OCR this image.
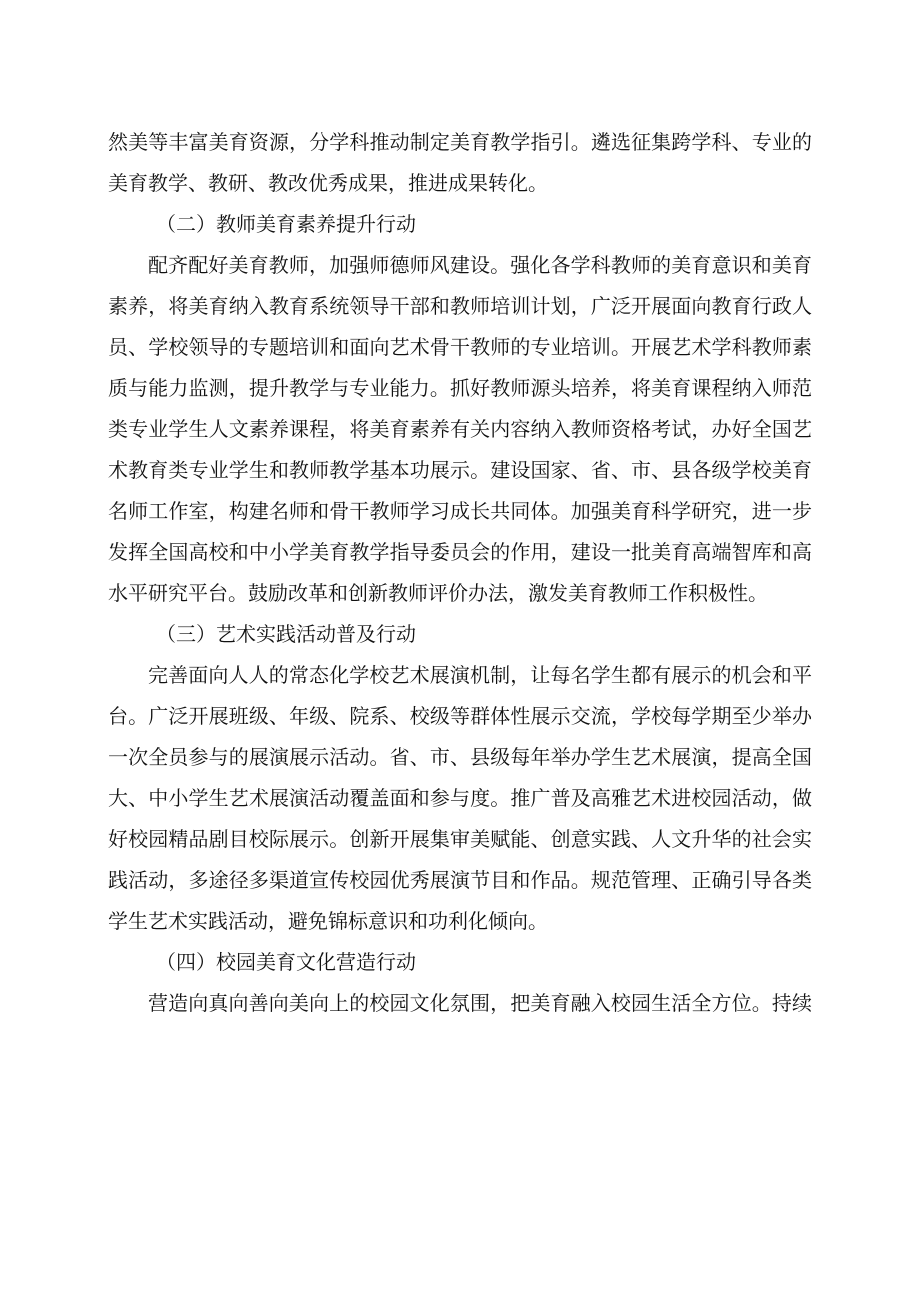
然美等丰富美育资源，分学科推动制定美育教学指引。遴选征集跨学科、专业的

美育教学、教研、教改优秀成果，推进成果转化。

（二）教师美育素养提升行动

配齐配好美育教师，加强师德师风建设。强化各学科教师的美育意识和美育

素养，将美育纳入教育系统领导干部和教师培训计划，广泛开展面向教育行政人

员、学校领导的专题培训和面向艺术骨干教师的专业培训。开展艺术学科教师素

质与能力监测，提升教学与专业能力。抓好教师源头培养，将美育课程纳入师范

类专业学生人文素养课程，将美育素养有关内容纳入教师资格考试，办好全国艺

术教育类专业学生和教师教学基本功展示。建设国家、省、市、县各级学校美育

名师工作室，构建名师和骨干教师学习成长共同体。加强美育科学研究，进一步

发挥全国高校和中小学美育教学指导委员会的作用，建设一批美育高端智库和高

水平研究平台。鼓励改革和创新教师评价办法，激发美育教师工作积极性。

（三）艺术实践活动普及行动

完善面向人人的常态化学校艺术展演机制，让每名学生都有展示的机会和平

台。广泛开展班级、年级、院系、校级等群体性展示交流，学校每学期至少举办

一次全员参与的展演展示活动。省、市、县级每年举办学生艺术展演，提高全国

大、中小学生艺术展演活动覆盖面和参与度。推广普及高雅艺术进校园活动，做

好校园精品剧目校际展示。创新开展集审美赋能、创意实践、人文升华的社会实

践活动，多途径多渠道宣传校园优秀展演节目和作品。规范管理、正确引导各类

学生艺术实践活动，避免锦标意识和功利化倾向。

（四）校园美育文化营造行动

营造向真向善向美向上的校园文化氛围，把美育融入校园生活全方位。持续
